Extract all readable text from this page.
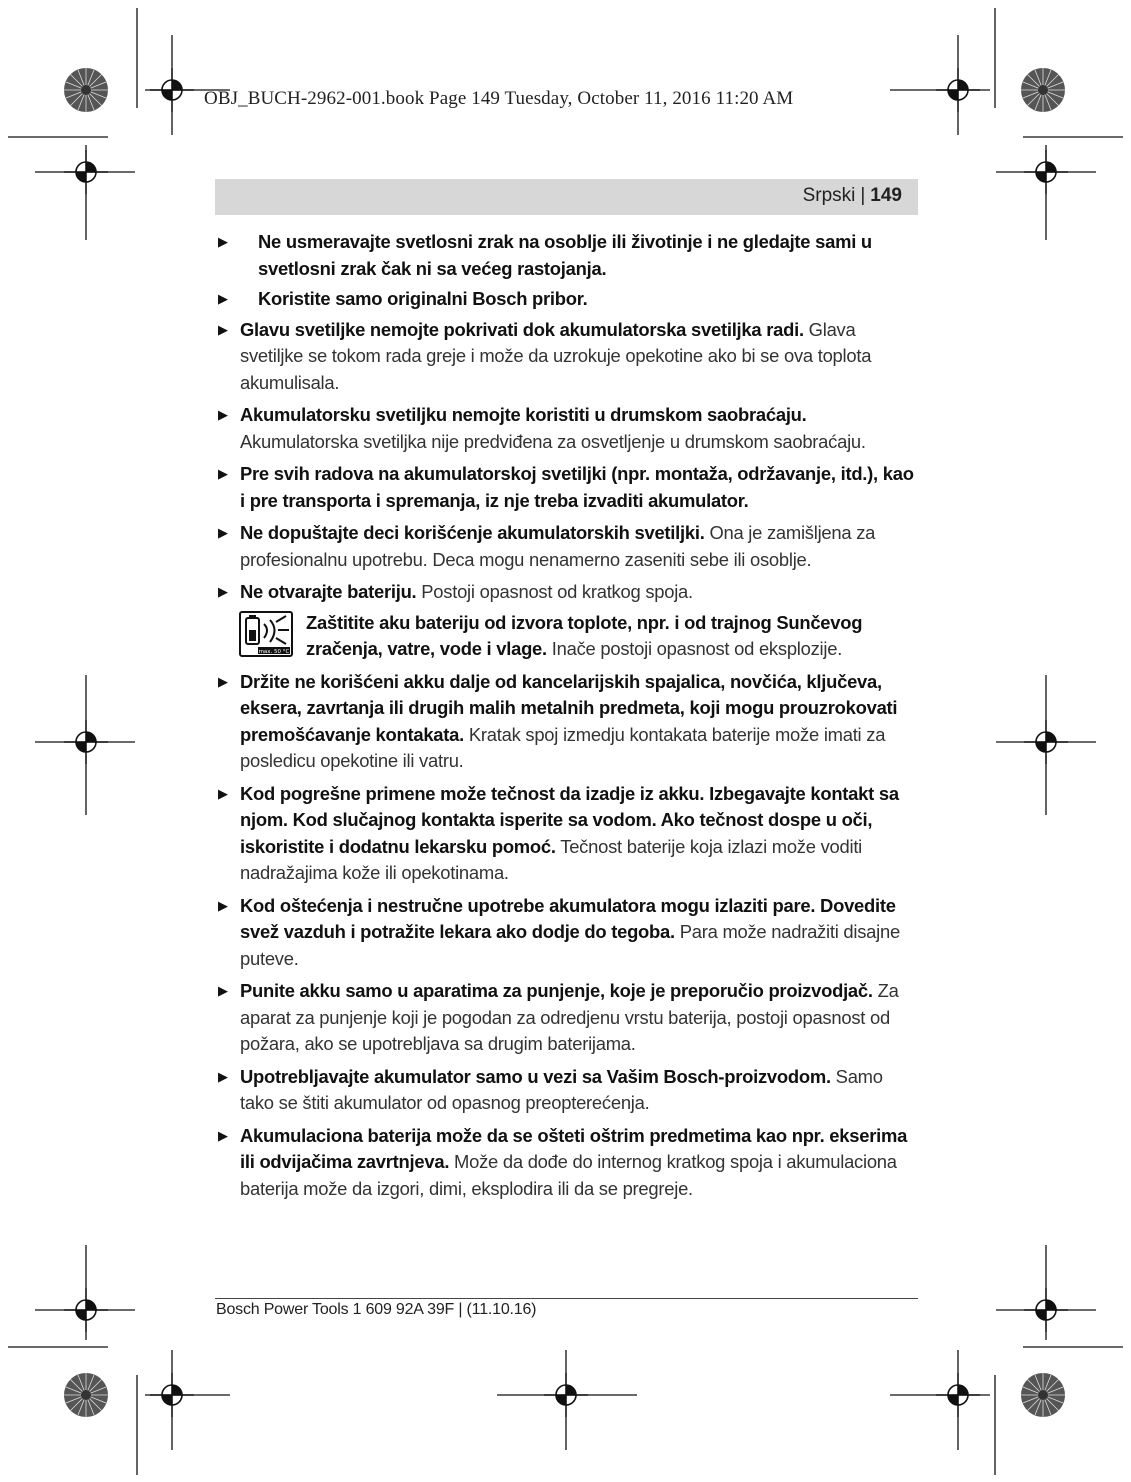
OBJ_BUCH-2962-001.book Page 149 Tuesday, October 11, 2016 11:20 AM
Srpski | 149
▶	Ne usmeravajte svetlosni zrak na osoblje ili životinje i ne gledajte sami u svetlosni zrak čak ni sa većeg rastojanja.
▶	Koristite samo originalni Bosch pribor.
▶ Glavu svetiljke nemojte pokrivati dok akumulatorska svetiljka radi. Glava svetiljke se tokom rada greje i može da uzrokuje opekotine ako bi se ova toplota akumulisala.
▶ Akumulatorsku svetiljku nemojte koristiti u drumskom saobraćaju. Akumulatorska svetiljka nije predviđena za osvetljenje u drumskom saobraćaju.
▶ Pre svih radova na akumulatorskoj svetiljki (npr. montaža, održavanje, itd.), kao i pre transporta i spremanja, iz nje treba izvaditi akumulator.
▶ Ne dopuštajte deci korišćenje akumulatorskih svetiljki. Ona je zamišljena za profesionalnu upotrebu. Deca mogu nenamerno zaseniti sebe ili osoblje.
▶ Ne otvarajte bateriju. Postoji opasnost od kratkog spoja.
max. 50 °C
Zaštitite aku bateriju od izvora toplote, npr. i od trajnog Sunčevog zračenja, vatre, vode i vlage. Inače postoji opasnost od eksplozije.
▶ Držite ne korišćeni akku dalje od kancelarijskih spajalica, novčića, ključeva, eksera, zavrtanja ili drugih malih metalnih predmeta, koji mogu prouzrokovati premošćavanje kontakata. Kratak spoj izmedju kontakata baterije može imati za posledicu opekotine ili vatru.
▶ Kod pogrešne primene može tečnost da izadje iz akku. Izbegavajte kontakt sa njom. Kod slučajnog kontakta isperite sa vodom. Ako tečnost dospe u oči, iskoristite i dodatnu lekarsku pomoć. Tečnost baterije koja izlazi može voditi nadražajima kože ili opekotinama.
▶ Kod oštećenja i nestručne upotrebe akumulatora mogu izlaziti pare. Dovedite svež vazduh i potražite lekara ako dodje do tegoba. Para može nadražiti disajne puteve.
▶ Punite akku samo u aparatima za punjenje, koje je preporučio proizvodjač. Za aparat za punjenje koji je pogodan za odredjenu vrstu baterija, postoji opasnost od požara, ako se upotrebljava sa drugim baterijama.
▶ Upotrebljavajte akumulator samo u vezi sa Vašim Bosch-proizvodom. Samo tako se štiti akumulator od opasnog preopterećenja.
▶ Akumulaciona baterija može da se ošteti oštrim predmetima kao npr. ekserima ili odvijačima zavrtnjeva. Može da dođe do internog kratkog spoja i akumulaciona baterija može da izgori, dimi, eksplodira ili da se pregreje.
Bosch Power Tools 1 609 92A 39F | (11.10.16)
